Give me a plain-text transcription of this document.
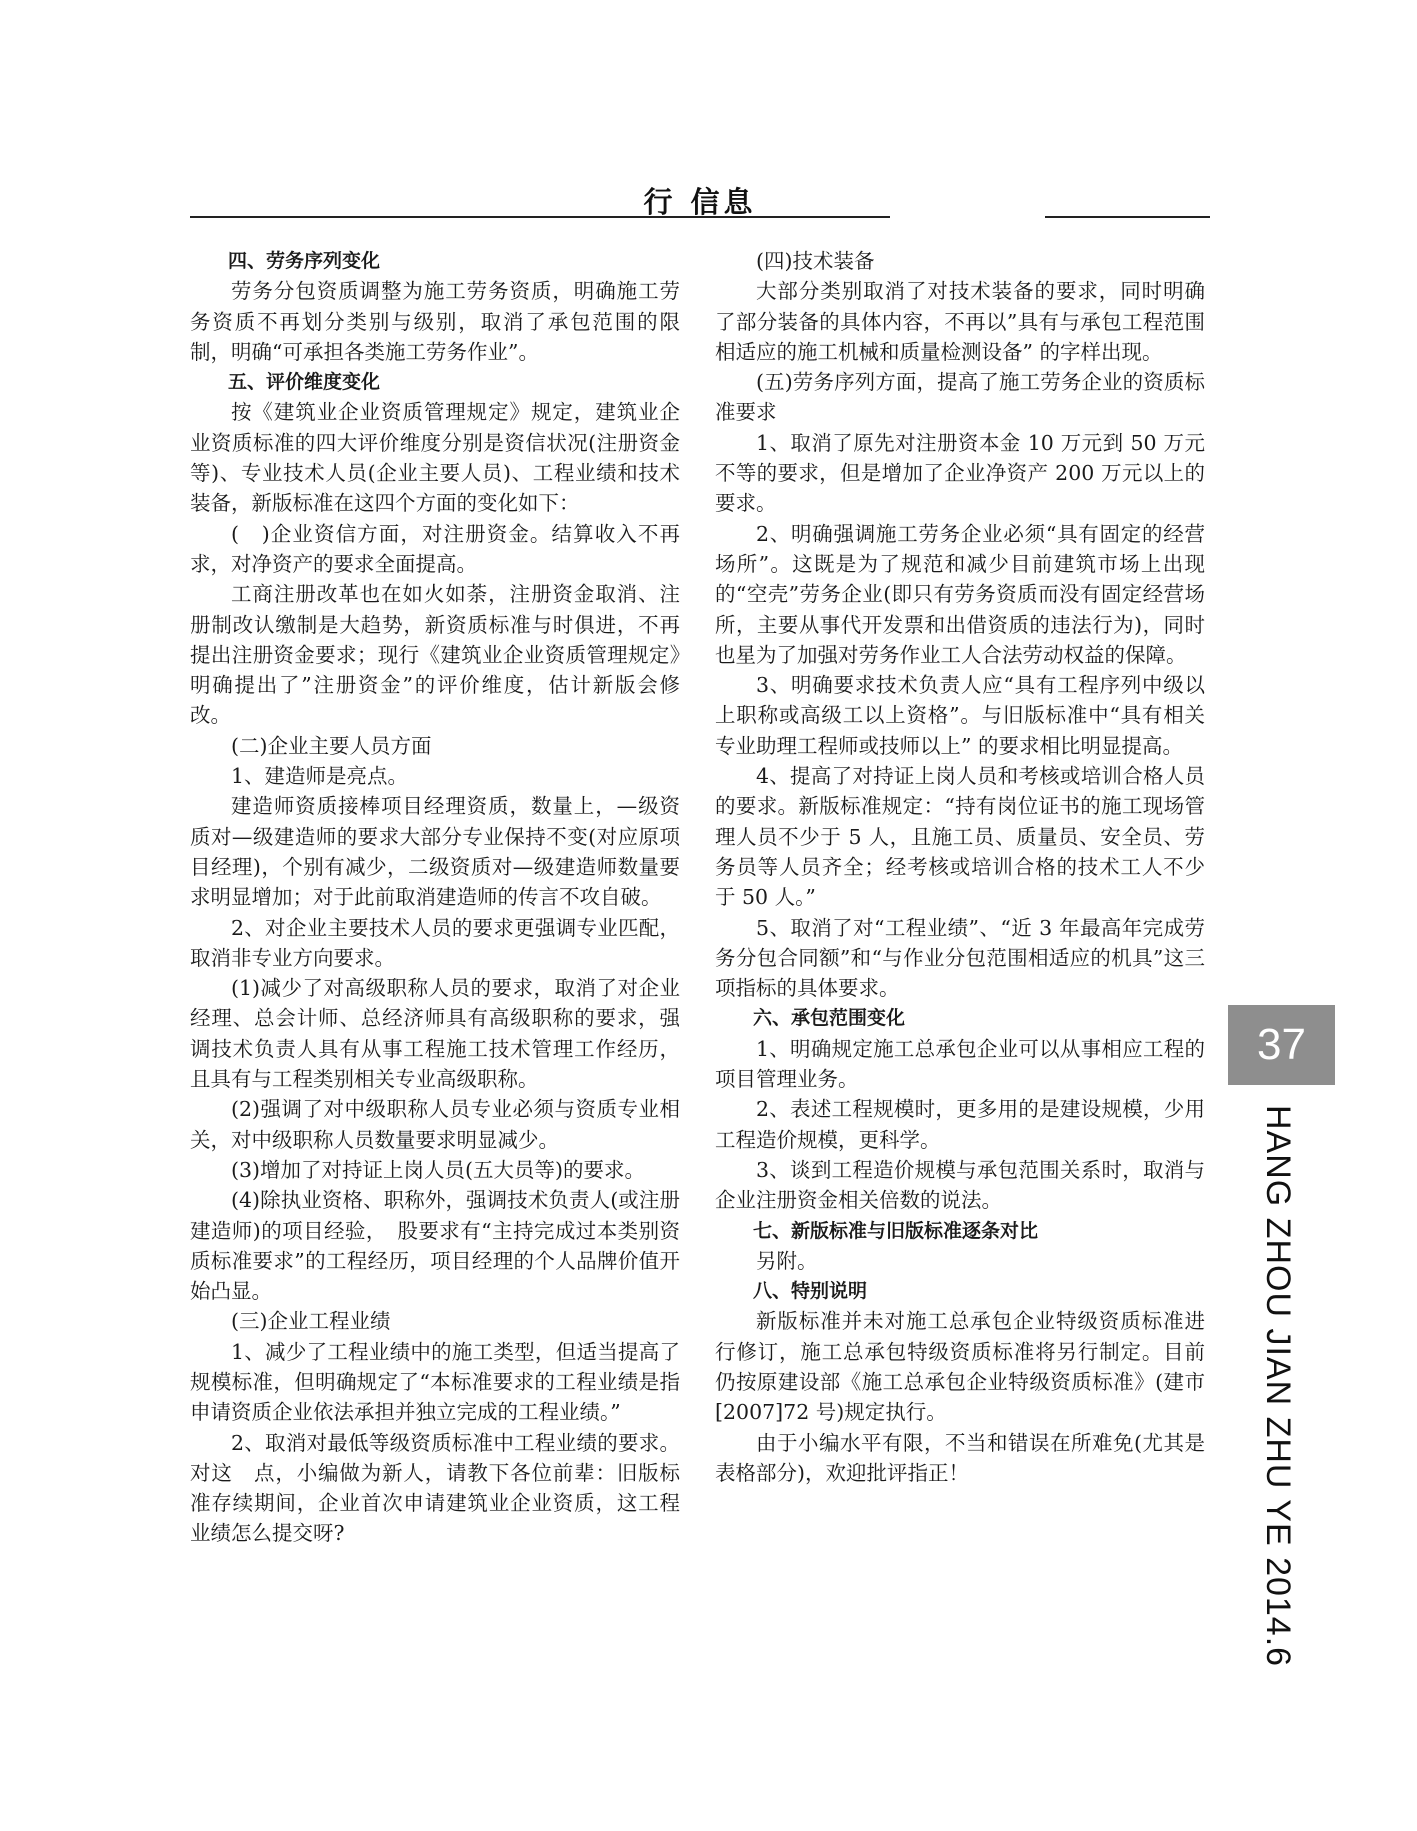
行 信息

四、劳务序列变化

劳务分包资质调整为施工劳务资质，明确施工劳务资质不再划分类别与级别，取消了承包范围的限制，明确“可承担各类施工劳务作业”。

五、评价维度变化

按《建筑业企业资质管理规定》规定，建筑业企业资质标准的四大评价维度分别是资信状况(注册资金等)、专业技术人员(企业主要人员)、工程业绩和技术装备，新版标准在这四个方面的变化如下：

(　)企业资信方面，对注册资金。结算收入不再求，对净资产的要求全面提高。

工商注册改革也在如火如荼，注册资金取消、注册制改认缴制是大趋势，新资质标准与时俱进，不再提出注册资金要求；现行《建筑业企业资质管理规定》明确提出了”注册资金”的评价维度，估计新版会修改。

(二)企业主要人员方面

1、建造师是亮点。

建造师资质接棒项目经理资质，数量上，—级资质对—级建造师的要求大部分专业保持不变(对应原项目经理)，个别有减少，二级资质对—级建造师数量要求明显增加；对于此前取消建造师的传言不攻自破。

2、对企业主要技术人员的要求更强调专业匹配，取消非专业方向要求。

(1)减少了对高级职称人员的要求，取消了对企业经理、总会计师、总经济师具有高级职称的要求，强调技术负责人具有从事工程施工技术管理工作经历，且具有与工程类别相关专业高级职称。

(2)强调了对中级职称人员专业必须与资质专业相关，对中级职称人员数量要求明显减少。

(3)增加了对持证上岗人员(五大员等)的要求。

(4)除执业资格、职称外，强调技术负责人(或注册建造师)的项目经验，　股要求有“主持完成过本类别资质标准要求”的工程经历，项目经理的个人品牌价值开始凸显。

(三)企业工程业绩

1、减少了工程业绩中的施工类型，但适当提高了规模标准，但明确规定了“本标准要求的工程业绩是指申请资质企业依法承担并独立完成的工程业绩。”

2、取消对最低等级资质标准中工程业绩的要求。对这　点，小编做为新人，请教下各位前辈：旧版标准存续期间，企业首次申请建筑业企业资质，这工程业绩怎么提交呀?

(四)技术装备

大部分类别取消了对技术装备的要求，同时明确了部分装备的具体内容，不再以”具有与承包工程范围相适应的施工机械和质量检测设备” 的字样出现。

(五)劳务序列方面，提高了施工劳务企业的资质标准要求

1、取消了原先对注册资本金 10 万元到 50 万元不等的要求，但是增加了企业净资产 200 万元以上的要求。

2、明确强调施工劳务企业必须“具有固定的经营场所”。这既是为了规范和减少目前建筑市场上出现的“空壳”劳务企业(即只有劳务资质而没有固定经营场所，主要从事代开发票和出借资质的违法行为)，同时也星为了加强对劳务作业工人合法劳动权益的保障。

3、明确要求技术负责人应“具有工程序列中级以上职称或高级工以上资格”。与旧版标准中“具有相关专业助理工程师或技师以上” 的要求相比明显提高。

4、提高了对持证上岗人员和考核或培训合格人员的要求。新版标准规定：“持有岗位证书的施工现场管理人员不少于 5 人，且施工员、质量员、安全员、劳务员等人员齐全；经考核或培训合格的技术工人不少于 50 人。”

5、取消了对“工程业绩”、“近 3 年最高年完成劳务分包合同额”和“与作业分包范围相适应的机具”这三项指标的具体要求。

六、承包范围变化

1、明确规定施工总承包企业可以从事相应工程的项目管理业务。

2、表述工程规模时，更多用的是建设规模，少用工程造价规模，更科学。

3、谈到工程造价规模与承包范围关系时，取消与企业注册资金相关倍数的说法。

七、新版标准与旧版标准逐条对比

另附。

八、特别说明

新版标准并未对施工总承包企业特级资质标准进行修订，施工总承包特级资质标准将另行制定。目前仍按原建设部《施工总承包企业特级资质标准》(建市[2007]72 号)规定执行。

由于小编水平有限，不当和错误在所难免(尤其是表格部分)，欢迎批评指正！

37
HANG ZHOU JIAN ZHU YE 2014.6
